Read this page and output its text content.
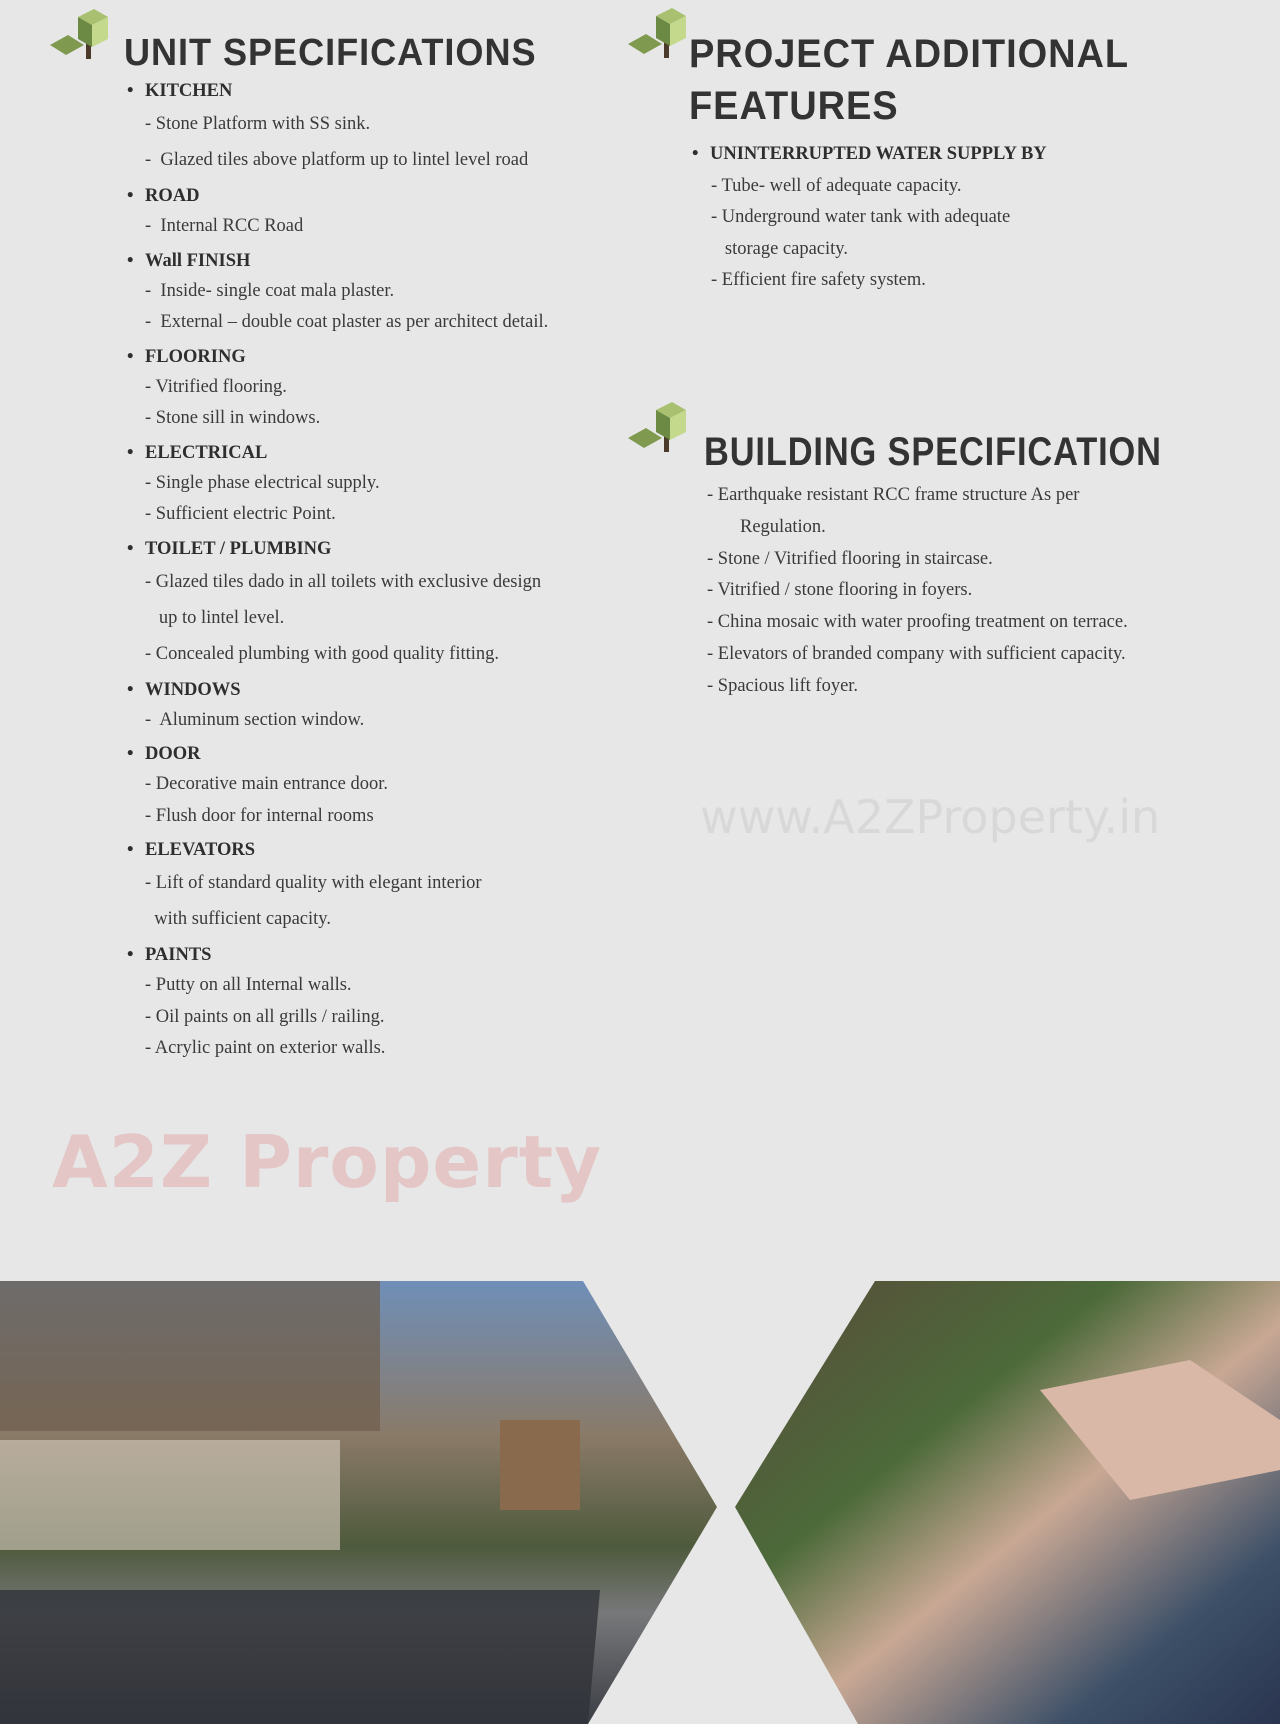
www.A2ZProperty.in
UNIT SPECIFICATIONS
• KITCHEN
- Stone Platform with SS sink.
-  Glazed tiles above platform up to lintel level road
• ROAD
-  Internal RCC Road
• Wall FINISH
-  Inside- single coat mala plaster.
-  External – double coat plaster as per architect detail.
• FLOORING
- Vitrified flooring.
- Stone sill in windows.
• ELECTRICAL
- Single phase electrical supply.
- Sufficient electric Point.
• TOILET / PLUMBING
- Glazed tiles dado in all toilets with exclusive design
up to lintel level.
- Concealed plumbing with good quality fitting.
• WINDOWS
-  Aluminum section window.
• DOOR
- Decorative main entrance door.
- Flush door for internal rooms
• ELEVATORS
- Lift of standard quality with elegant interior
with sufficient capacity.
• PAINTS
- Putty on all Internal walls.
- Oil paints on all grills / railing.
- Acrylic paint on exterior walls.
PROJECT ADDITIONAL
FEATURES
• UNINTERRUPTED WATER SUPPLY BY
- Tube- well of adequate capacity.
- Underground water tank with adequate
storage capacity.
- Efficient fire safety system.
BUILDING SPECIFICATION
- Earthquake resistant RCC frame structure As per
Regulation.
- Stone / Vitrified flooring in staircase.
- Vitrified / stone flooring in foyers.
- China mosaic with water proofing treatment on terrace.
- Elevators of branded company with sufficient capacity.
- Spacious lift foyer.
A2Z Property
